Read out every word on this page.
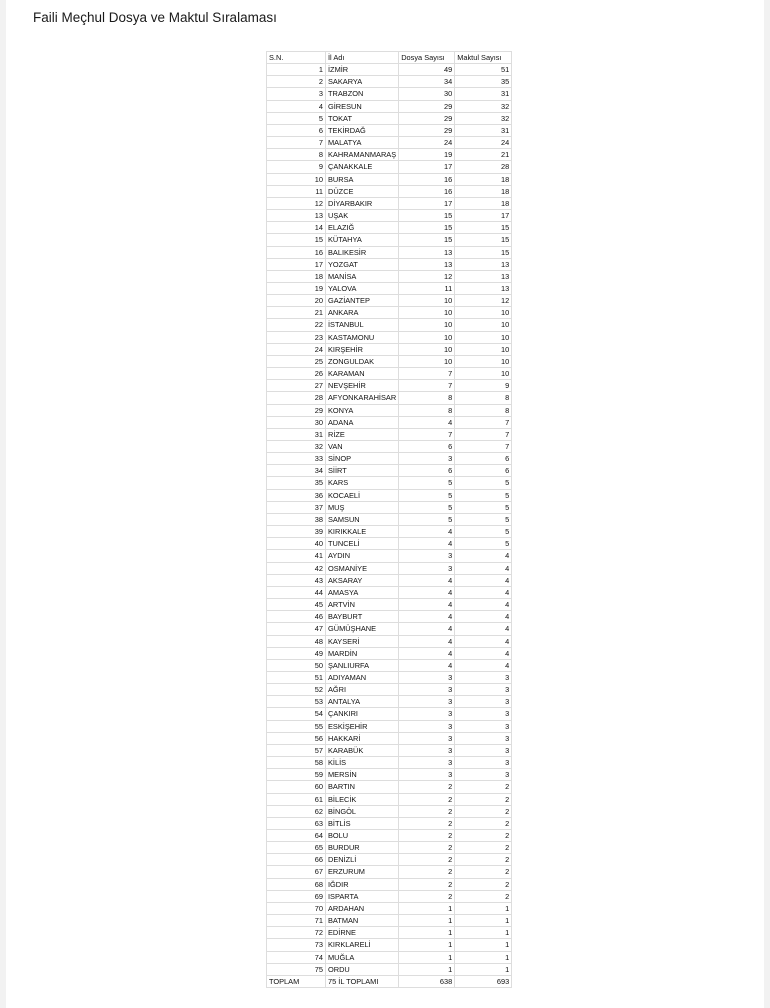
Faili Meçhul Dosya ve Maktul Sıralaması
S.N.	İl Adı	Dosya Sayısı	Maktul Sayısı
1	İZMİR	49	51
2	SAKARYA	34	35
3	TRABZON	30	31
4	GİRESUN	29	32
5	TOKAT	29	32
6	TEKİRDAĞ	29	31
7	MALATYA	24	24
8	KAHRAMANMARAŞ	19	21
9	ÇANAKKALE	17	28
10	BURSA	16	18
11	DÜZCE	16	18
12	DİYARBAKIR	17	18
13	UŞAK	15	17
14	ELAZIĞ	15	15
15	KÜTAHYA	15	15
16	BALIKESİR	13	15
17	YOZGAT	13	13
18	MANİSA	12	13
19	YALOVA	11	13
20	GAZİANTEP	10	12
21	ANKARA	10	10
22	İSTANBUL	10	10
23	KASTAMONU	10	10
24	KIRŞEHİR	10	10
25	ZONGULDAK	10	10
26	KARAMAN	7	10
27	NEVŞEHİR	7	9
28	AFYONKARAHİSAR	8	8
29	KONYA	8	8
30	ADANA	4	7
31	RİZE	7	7
32	VAN	6	7
33	SİNOP	3	6
34	SİİRT	6	6
35	KARS	5	5
36	KOCAELİ	5	5
37	MUŞ	5	5
38	SAMSUN	5	5
39	KIRIKKALE	4	5
40	TUNCELİ	4	5
41	AYDIN	3	4
42	OSMANİYE	3	4
43	AKSARAY	4	4
44	AMASYA	4	4
45	ARTVİN	4	4
46	BAYBURT	4	4
47	GÜMÜŞHANE	4	4
48	KAYSERİ	4	4
49	MARDİN	4	4
50	ŞANLIURFA	4	4
51	ADIYAMAN	3	3
52	AĞRI	3	3
53	ANTALYA	3	3
54	ÇANKIRI	3	3
55	ESKİŞEHİR	3	3
56	HAKKARİ	3	3
57	KARABÜK	3	3
58	KİLİS	3	3
59	MERSİN	3	3
60	BARTIN	2	2
61	BİLECİK	2	2
62	BİNGÖL	2	2
63	BİTLİS	2	2
64	BOLU	2	2
65	BURDUR	2	2
66	DENİZLİ	2	2
67	ERZURUM	2	2
68	IĞDIR	2	2
69	ISPARTA	2	2
70	ARDAHAN	1	1
71	BATMAN	1	1
72	EDİRNE	1	1
73	KIRKLARELİ	1	1
74	MUĞLA	1	1
75	ORDU	1	1
TOPLAM	75 İL TOPLAMI	638	693
